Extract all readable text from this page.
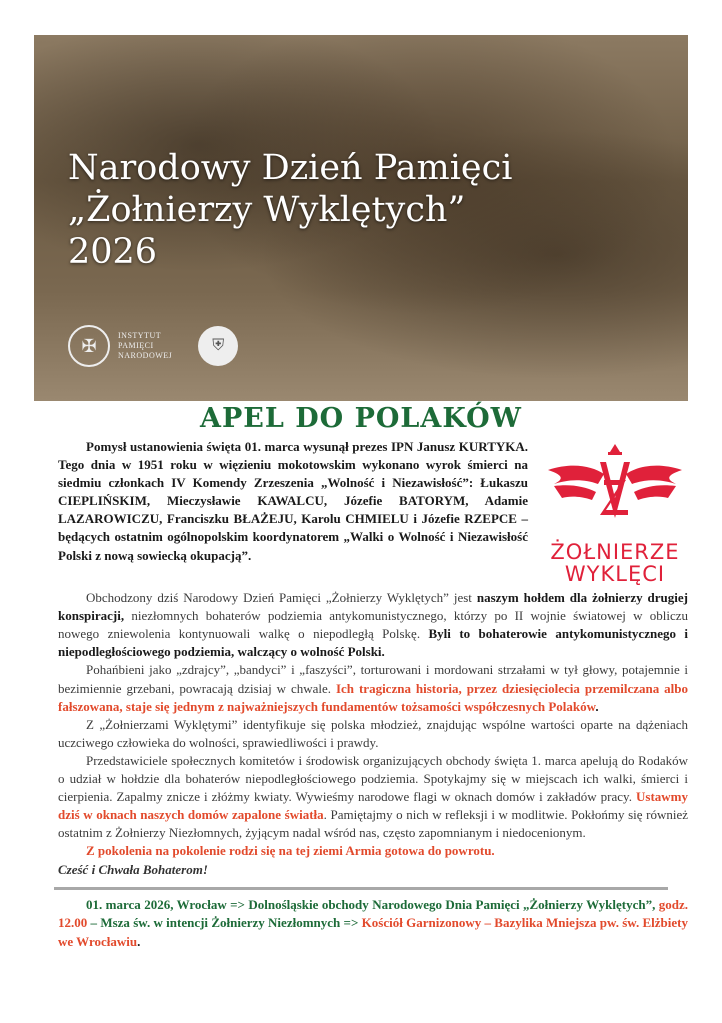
Narodowy Dzień Pamięci
„Żołnierzy Wyklętych”
2026
✠	INSTYTUT
PAMIĘCI
NARODOWEJ
⛨
APEL DO POLAKÓW
ŻOŁNIERZE
WYKLĘCI

Pomysł ustanowienia święta 01. marca wysunął prezes IPN Janusz KURTYKA. Tego dnia w 1951 roku w więzieniu mokotowskim wykonano wyrok śmierci na siedmiu członkach IV Komendy Zrzeszenia „Wolność i Niezawisłość”: Łukaszu CIEPLIŃSKIM, Mieczysławie KAWALCU, Józefie BATORYM, Adamie LAZAROWICZU, Franciszku BŁAŻEJU, Karolu CHMIELU i Józefie RZEPCE – będących ostatnim ogólnopolskim koordynatorem „Walki o Wolność i Niezawisłość Polski z nową sowiecką okupacją”.

Obchodzony dziś Narodowy Dzień Pamięci „Żołnierzy Wyklętych” jest naszym hołdem dla żołnierzy drugiej konspiracji, niezłomnych bohaterów podziemia antykomunistycznego, którzy po II wojnie światowej w obliczu nowego zniewolenia kontynuowali walkę o niepodległą Polskę. Byli to bohaterowie antykomunistycznego i niepodległościowego podziemia, walczący o wolność Polski.

Pohańbieni jako „zdrajcy”, „bandyci” i „faszyści”, torturowani i mordowani strzałami w tył głowy, potajemnie i bezimiennie grzebani, powracają dzisiaj w chwale. Ich tragiczna historia, przez dziesięciolecia przemilczana albo fałszowana, staje się jednym z najważniejszych fundamentów tożsamości współczesnych Polaków.

Z „Żołnierzami Wyklętymi” identyfikuje się polska młodzież, znajdując wspólne wartości oparte na dążeniach uczciwego człowieka do wolności, sprawiedliwości i prawdy.

Przedstawiciele społecznych komitetów i środowisk organizujących obchody święta 1. marca apelują do Rodaków o udział w hołdzie dla bohaterów niepodległościowego podziemia. Spotykajmy się w miejscach ich walki, śmierci i cierpienia. Zapalmy znicze i złóżmy kwiaty. Wywieśmy narodowe flagi w oknach domów i zakładów pracy. Ustawmy dziś w oknach naszych domów zapalone światła. Pamiętajmy o nich w refleksji i w modlitwie. Pokłońmy się również ostatnim z Żołnierzy Niezłomnych, żyjącym nadal wśród nas, często zapomnianym i niedocenionym.

Z pokolenia na pokolenie rodzi się na tej ziemi Armia gotowa do powrotu.

Cześć i Chwała Bohaterom!

01. marca 2026, Wrocław => Dolnośląskie obchody Narodowego Dnia Pamięci „Żołnierzy Wyklętych”, godz. 12.00 – Msza św. w intencji Żołnierzy Niezłomnych => Kościół Garnizonowy – Bazylika Mniejsza pw. św. Elżbiety we Wrocławiu.
